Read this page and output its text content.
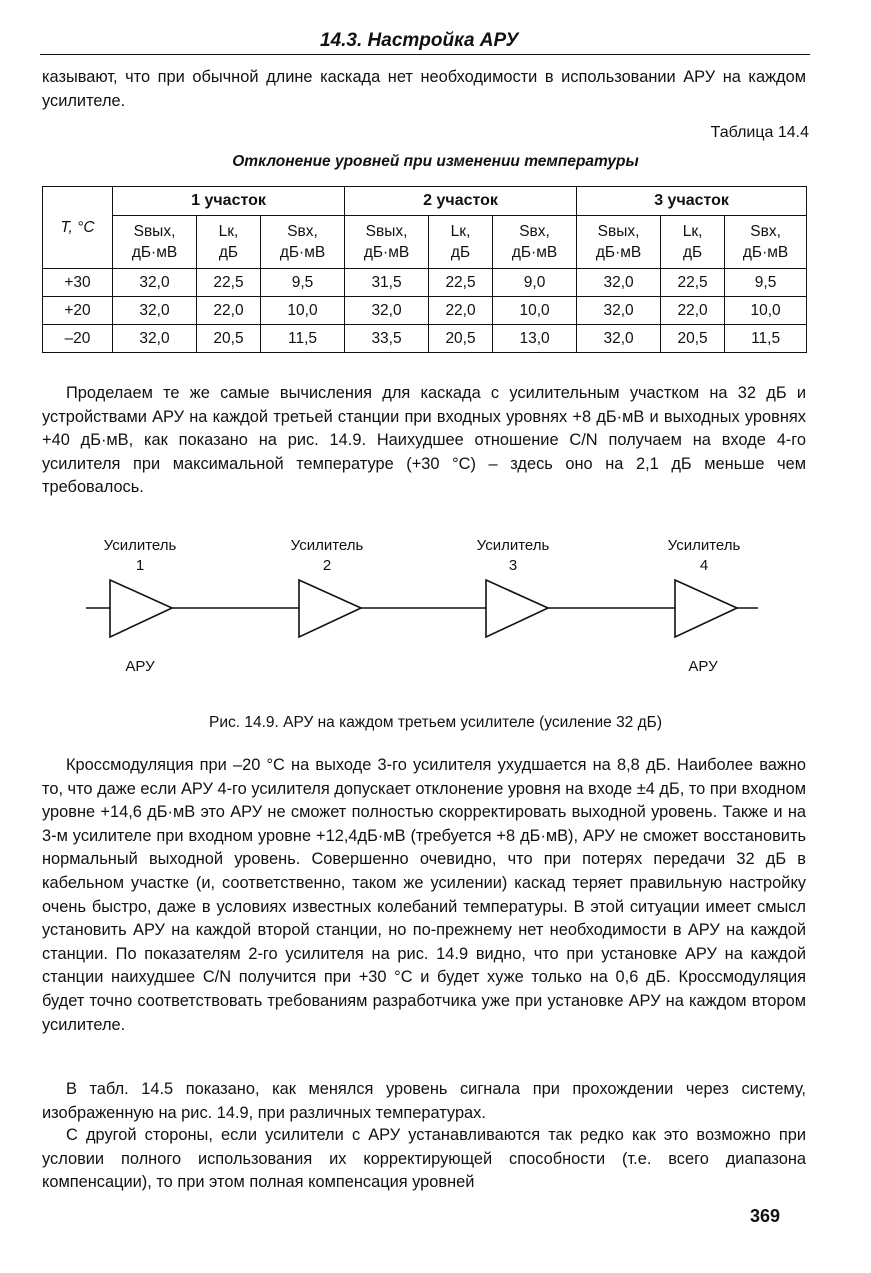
14.3. Настройка АРУ

казывают, что при обычной длине каскада нет необходимости в использовании АРУ на каждом усилителе.

Таблица 14.4
Отклонение уровней при изменении температуры
T, °C	1 участок			2 участок			3 участок		
	Sвых,
дБ·мВ	Lк,
дБ	Sвх,
дБ·мВ	Sвых,
дБ·мВ	Lк,
дБ	Sвх,
дБ·мВ	Sвых,
дБ·мВ	Lк,
дБ	Sвх,
дБ·мВ
+30	32,0	22,5	9,5	31,5	22,5	9,0	32,0	22,5	9,5
+20	32,0	22,0	10,0	32,0	22,0	10,0	32,0	22,0	10,0
–20	32,0	20,5	11,5	33,5	20,5	13,0	32,0	20,5	11,5

Проделаем те же самые вычисления для каскада с усилительным участком на 32 дБ и устройствами АРУ на каждой третьей станции при входных уровнях +8 дБ·мВ и выходных уровнях +40 дБ·мВ, как показано на рис. 14.9. Наихудшее отношение C/N получаем на входе 4-го усилителя при максимальной температуре (+30 °C) – здесь оно на 2,1 дБ меньше чем требовалось.

Усилитель
1
Усилитель
2
Усилитель
3
Усилитель
4
АРУ	АРУ
Рис. 14.9. АРУ на каждом третьем усилителе (усиление 32 дБ)

Кроссмодуляция при –20 °С на выходе 3-го усилителя ухудшается на 8,8 дБ. Наиболее важно то, что даже если АРУ 4-го усилителя допускает отклонение уровня на входе ±4 дБ, то при входном уровне +14,6 дБ·мВ это АРУ не сможет полностью скорректировать выходной уровень. Также и на 3-м усилителе при входном уровне +12,4дБ·мВ (требуется +8 дБ·мВ), АРУ не сможет восстановить нормальный выходной уровень. Совершенно очевидно, что при потерях передачи 32 дБ в кабельном участке (и, соответственно, таком же усилении) каскад теряет правильную настройку очень быстро, даже в условиях известных колебаний температуры. В этой ситуации имеет смысл установить АРУ на каждой второй станции, но по-прежнему нет необходимости в АРУ на каждой станции. По показателям 2-го усилителя на рис. 14.9 видно, что при установке АРУ на каждой станции наихудшее C/N получится при +30 °С и будет хуже только на 0,6 дБ. Кроссмодуляция будет точно соответствовать требованиям разработчика уже при установке АРУ на каждом втором усилителе.

В табл. 14.5 показано, как менялся уровень сигнала при прохождении через систему, изображенную на рис. 14.9, при различных температурах.

С другой стороны, если усилители с АРУ устанавливаются так редко как это возможно при условии полного использования их корректирующей способности (т.е. всего диапазона компенсации), то при этом полная компенсация уровней

369
